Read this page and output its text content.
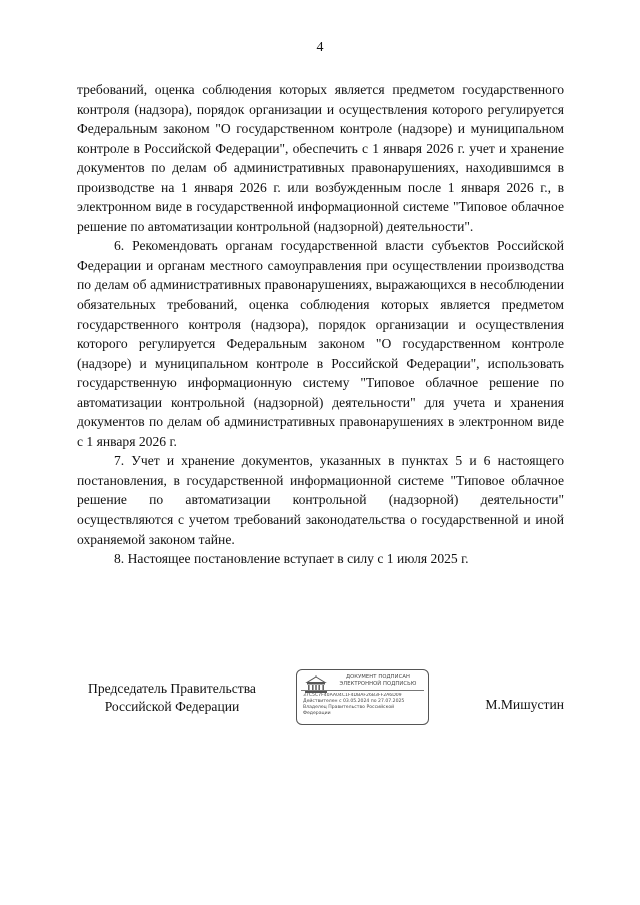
4

требований, оценка соблюдения которых является предметом государственного контроля (надзора), порядок организации и осуществления которого регулируется Федеральным законом "О государственном контроле (надзоре) и муниципальном контроле в Российской Федерации", обеспечить с 1 января 2026 г. учет и хранение документов по делам об административных правонарушениях, находившимся в производстве на 1 января 2026 г. или возбужденным после 1 января 2026 г., в электронном виде в государственной информационной системе "Типовое облачное решение по автоматизации контрольной (надзорной) деятельности".

6. Рекомендовать органам государственной власти субъектов Российской Федерации и органам местного самоуправления при осуществлении производства по делам об административных правонарушениях, выражающихся в несоблюдении обязательных требований, оценка соблюдения которых является предметом государственного контроля (надзора), порядок организации и осуществления которого регулируется Федеральным законом "О государственном контроле (надзоре) и муниципальном контроле в Российской Федерации", использовать государственную информационную систему "Типовое облачное решение по автоматизации контрольной (надзорной) деятельности" для учета и хранения документов по делам об административных правонарушениях в электронном виде с 1 января 2026 г.

7. Учет и хранение документов, указанных в пунктах 5 и 6 настоящего постановления, в государственной информационной системе "Типовое облачное решение по автоматизации контрольной (надзорной) деятельности" осуществляются с учетом требований законодательства о государственной и иной охраняемой законом тайне.

8. Настоящее постановление вступает в силу с 1 июля 2025 г.

Председатель Правительства
Российской Федерации
ДОКУМЕНТ ПОДПИСАН
ЭЛЕКТРОННОЙ ПОДПИСЬЮ
37С5С7F40AA04C1F4DBAF26B3FF2A6D09
Действителен с 03.05.2024 по 27.07.2025
Владелец Правительство Российской
Федерации
М.Мишустин
